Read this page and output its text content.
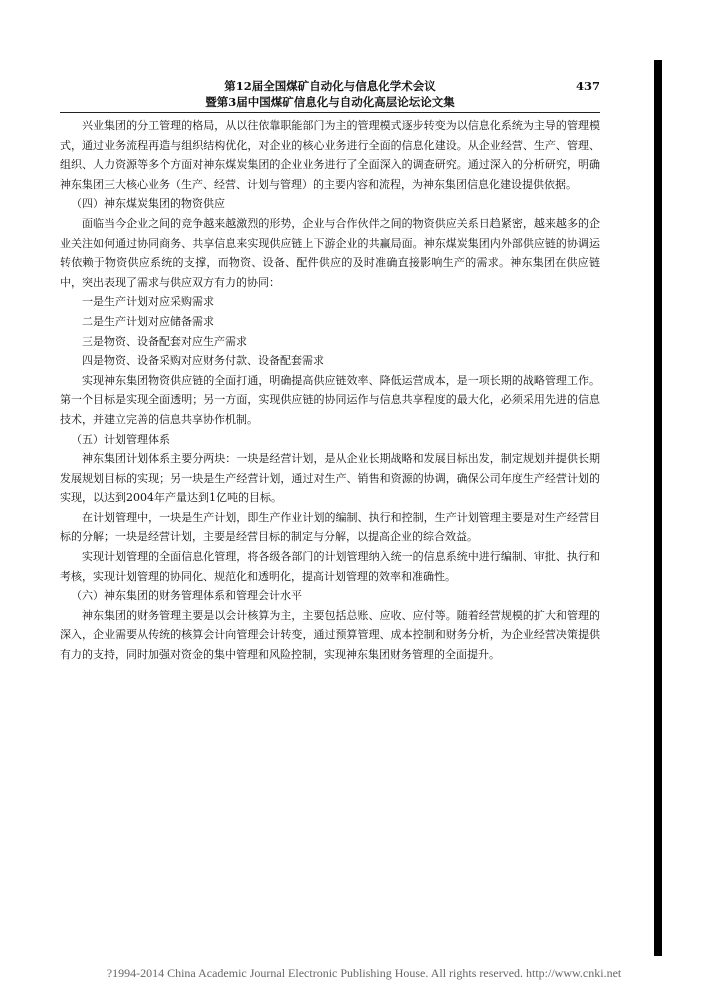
第12届全国煤矿自动化与信息化学术会议	437
暨第3届中国煤矿信息化与自动化高层论坛论文集

兴业集团的分工管理的格局，从以往依靠职能部门为主的管理模式逐步转变为以信息化系统为主导的管理模式，通过业务流程再造与组织结构优化，对企业的核心业务进行全面的信息化建设。从企业经营、生产、管理、组织、人力资源等多个方面对神东煤炭集团的企业业务进行了全面深入的调查研究。通过深入的分析研究，明确神东集团三大核心业务（生产、经营、计划与管理）的主要内容和流程，为神东集团信息化建设提供依据。

（四）神东煤炭集团的物资供应

面临当今企业之间的竞争越来越激烈的形势，企业与合作伙伴之间的物资供应关系日趋紧密，越来越多的企业关注如何通过协同商务、共享信息来实现供应链上下游企业的共赢局面。神东煤炭集团内外部供应链的协调运转依赖于物资供应系统的支撑，而物资、设备、配件供应的及时准确直接影响生产的需求。神东集团在供应链中，突出表现了需求与供应双方有力的协同：

一是生产计划对应采购需求

二是生产计划对应储备需求

三是物资、设备配套对应生产需求

四是物资、设备采购对应财务付款、设备配套需求

实现神东集团物资供应链的全面打通，明确提高供应链效率、降低运营成本，是一项长期的战略管理工作。第一个目标是实现全面透明；另一方面，实现供应链的协同运作与信息共享程度的最大化，必须采用先进的信息技术，并建立完善的信息共享协作机制。

（五）计划管理体系

神东集团计划体系主要分两块：一块是经营计划，是从企业长期战略和发展目标出发，制定规划并提供长期发展规划目标的实现；另一块是生产经营计划，通过对生产、销售和资源的协调，确保公司年度生产经营计划的实现，以达到2004年产量达到1亿吨的目标。

在计划管理中，一块是生产计划，即生产作业计划的编制、执行和控制，生产计划管理主要是对生产经营目标的分解；一块是经营计划，主要是经营目标的制定与分解，以提高企业的综合效益。

实现计划管理的全面信息化管理，将各级各部门的计划管理纳入统一的信息系统中进行编制、审批、执行和考核，实现计划管理的协同化、规范化和透明化，提高计划管理的效率和准确性。

（六）神东集团的财务管理体系和管理会计水平

神东集团的财务管理主要是以会计核算为主，主要包括总账、应收、应付等。随着经营规模的扩大和管理的深入，企业需要从传统的核算会计向管理会计转变，通过预算管理、成本控制和财务分析，为企业经营决策提供有力的支持，同时加强对资金的集中管理和风险控制，实现神东集团财务管理的全面提升。

?1994-2014 China Academic Journal Electronic Publishing House. All rights reserved. http://www.cnki.net
